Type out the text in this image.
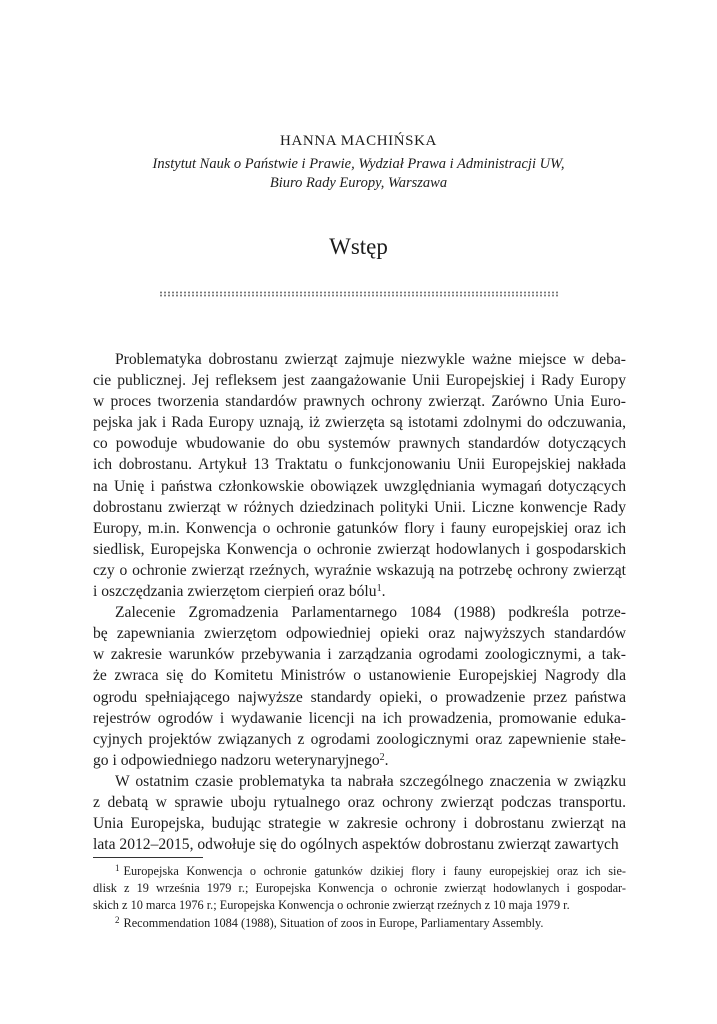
HANNA MACHIŃSKA
Instytut Nauk o Państwie i Prawie, Wydział Prawa i Administracji UW,
Biuro Rady Europy, Warszawa
Wstęp

Problematyka dobrostanu zwierząt zajmuje niezwykle ważne miejsce w deba-
cie publicznej. Jej refleksem jest zaangażowanie Unii Europejskiej i Rady Europy
w proces tworzenia standardów prawnych ochrony zwierząt. Zarówno Unia Euro-
pejska jak i Rada Europy uznają, iż zwierzęta są istotami zdolnymi do odczuwania,
co powoduje wbudowanie do obu systemów prawnych standardów dotyczących
ich dobrostanu. Artykuł 13 Traktatu o funkcjonowaniu Unii Europejskiej nakłada
na Unię i państwa członkowskie obowiązek uwzględniania wymagań dotyczących
dobrostanu zwierząt w różnych dziedzinach polityki Unii. Liczne konwencje Rady
Europy, m.in. Konwencja o ochronie gatunków flory i fauny europejskiej oraz ich
siedlisk, Europejska Konwencja o ochronie zwierząt hodowlanych i gospodarskich
czy o ochronie zwierząt rzeźnych, wyraźnie wskazują na potrzebę ochrony zwierząt
i oszczędzania zwierzętom cierpień oraz bólu$^1$.

Zalecenie Zgromadzenia Parlamentarnego 1084 (1988) podkreśla potrze-
bę zapewniania zwierzętom odpowiedniej opieki oraz najwyższych standardów
w zakresie warunków przebywania i zarządzania ogrodami zoologicznymi, a tak-
że zwraca się do Komitetu Ministrów o ustanowienie Europejskiej Nagrody dla
ogrodu spełniającego najwyższe standardy opieki, o prowadzenie przez państwa
rejestrów ogrodów i wydawanie licencji na ich prowadzenia, promowanie eduka-
cyjnych projektów związanych z ogrodami zoologicznymi oraz zapewnienie stałe-
go i odpowiedniego nadzoru weterynaryjnego$^2$.

W ostatnim czasie problematyka ta nabrała szczególnego znaczenia w związku
z debatą w sprawie uboju rytualnego oraz ochrony zwierząt podczas transportu.
Unia Europejska, budując strategie w zakresie ochrony i dobrostanu zwierząt na
lata 2012–2015, odwołuje się do ogólnych aspektów dobrostanu zwierząt zawartych

$^1$ Europejska Konwencja o ochronie gatunków dzikiej flory i fauny europejskiej oraz ich sie-
dlisk z 19 września 1979 r.; Europejska Konwencja o ochronie zwierząt hodowlanych i gospodar-
skich z 10 marca 1976 r.; Europejska Konwencja o ochronie zwierząt rzeźnych z 10 maja 1979 r.
$^2$ Recommendation 1084 (1988), Situation of zoos in Europe, Parliamentary Assembly.
